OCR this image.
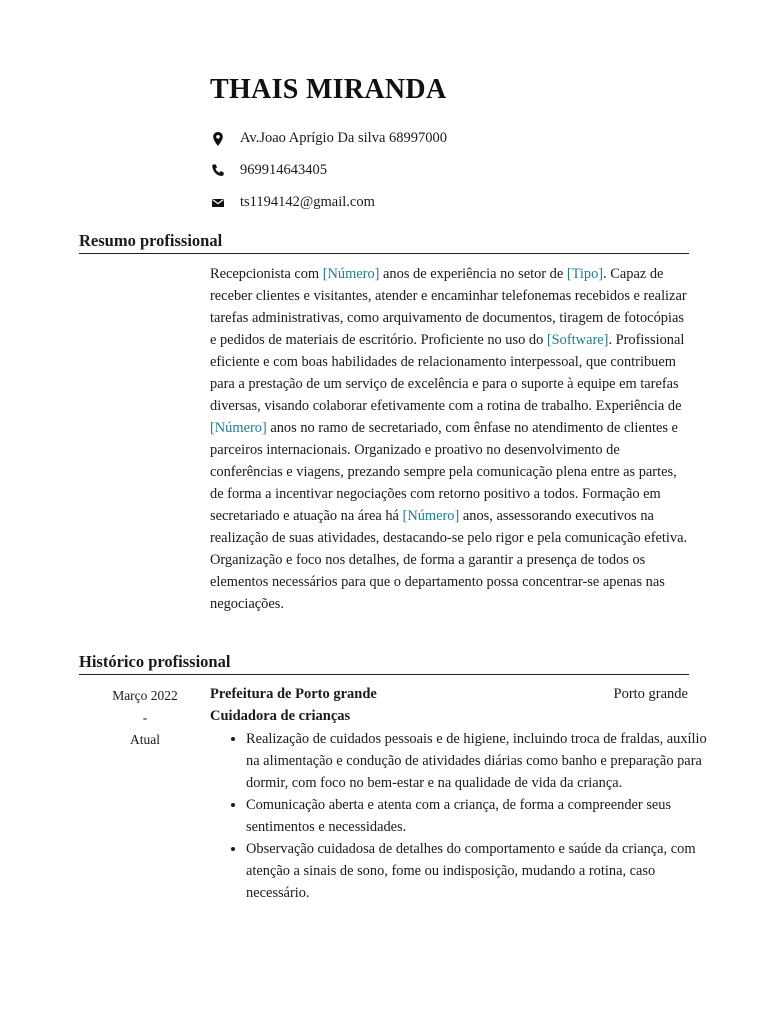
THAIS MIRANDA
Av.Joao Aprígio Da silva 68997000
969914643405
ts1194142@gmail.com
Resumo profissional

Recepcionista com [Número] anos de experiência no setor de [Tipo]. Capaz de receber clientes e visitantes, atender e encaminhar telefonemas recebidos e realizar tarefas administrativas, como arquivamento de documentos, tiragem de fotocópias e pedidos de materiais de escritório. Proficiente no uso do [Software]. Profissional eficiente e com boas habilidades de relacionamento interpessoal, que contribuem para a prestação de um serviço de excelência e para o suporte à equipe em tarefas diversas, visando colaborar efetivamente com a rotina de trabalho. Experiência de [Número] anos no ramo de secretariado, com ênfase no atendimento de clientes e parceiros internacionais. Organizado e proativo no desenvolvimento de conferências e viagens, prezando sempre pela comunicação plena entre as partes, de forma a incentivar negociações com retorno positivo a todos. Formação em secretariado e atuação na área há [Número] anos, assessorando executivos na realização de suas atividades, destacando-se pelo rigor e pela comunicação efetiva. Organização e foco nos detalhes, de forma a garantir a presença de todos os elementos necessários para que o departamento possa concentrar-se apenas nas negociações.

Histórico profissional
Março 2022
-
Atual
Prefeitura de Porto grande	Porto grande
Cuidadora de crianças
• Realização de cuidados pessoais e de higiene, incluindo troca de fraldas, auxílio na alimentação e condução de atividades diárias como banho e preparação para dormir, com foco no bem-estar e na qualidade de vida da criança.
• Comunicação aberta e atenta com a criança, de forma a compreender seus sentimentos e necessidades.
• Observação cuidadosa de detalhes do comportamento e saúde da criança, com atenção a sinais de sono, fome ou indisposição, mudando a rotina, caso necessário.
